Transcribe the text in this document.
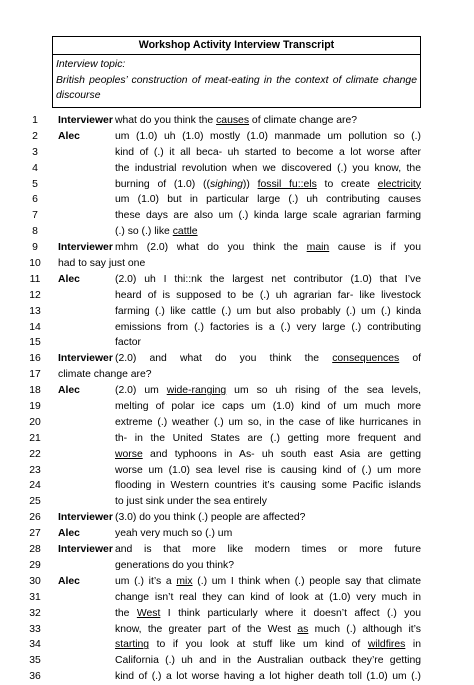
Workshop Activity Interview Transcript
Interview topic:
British peoples’ construction of meat-eating in the context of climate change discourse
1	Interviewer what do you think the causes of climate change are?
2	Alec	um (1.0) uh (1.0) mostly (1.0) manmade um pollution so (.)
3	kind of (.) it all beca- uh started to become a lot worse after
4	the industrial revolution when we discovered (.) you know, the
5	burning of (1.0) ((sighing)) fossil fu::els to create electricity
6	um (1.0) but in particular large (.) uh contributing causes
7	these days are also um (.) kinda large scale agrarian farming
8	(.) so (.) like cattle
9	Interviewer mhm (2.0) what do you think the main cause is if you
10	had to say just one
11	Alec	(2.0) uh I thi::nk the largest net contributor (1.0) that I’ve
12	heard of is supposed to be (.) uh agrarian far- like livestock
13	farming (.) like cattle (.) um but also probably (.) um (.) kinda
14	emissions from (.) factories is a (.) very large (.) contributing
15	factor
16	Interviewer (2.0) and what do you think the consequences of
17	climate change are?
18	Alec	(2.0) um wide-ranging um so uh rising of the sea levels,
19	melting of polar ice caps um (1.0) kind of um much more
20	extreme (.) weather (.) um so, in the case of like hurricanes in
21	th- in the United States are (.) getting more frequent and
22	worse and typhoons in As- uh south east Asia are getting
23	worse um (1.0) sea level rise is causing kind of (.) um more
24	flooding in Western countries it’s causing some Pacific islands
25	to just sink under the sea entirely
26	Interviewer (3.0) do you think (.) people are affected?
27	Alec	yeah very much so (.) um
28	Interviewer and is that more like modern times or more future
29	generations do you think?
30	Alec	um (.) it’s a mix (.) um I think when (.) people say that climate
31	change isn’t real they can kind of look at (1.0) very much in
32	the West I think particularly where it doesn’t affect (.) you
33	know, the greater part of the West as much (.) although it’s
34	starting to if you look at stuff like um kind of wildfires in
35	California (.) uh and in the Australian outback they’re getting
36	kind of (.) a lot worse having a lot higher death toll (1.0) um (.)
